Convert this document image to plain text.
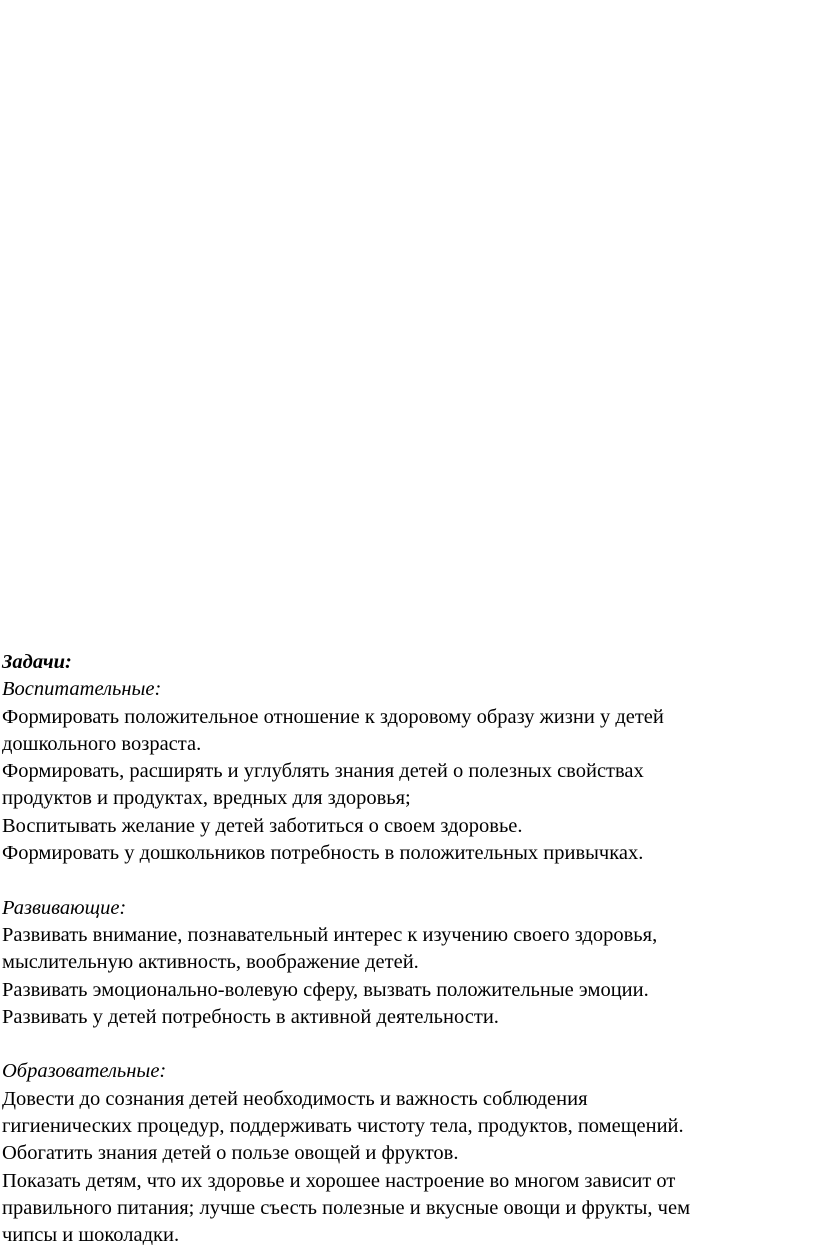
Задачи:
Воспитательные:
Формировать положительное отношение к здоровому образу жизни у детей
дошкольного возраста.
Формировать, расширять и углублять знания детей о полезных свойствах
продуктов и продуктах, вредных для здоровья;
Воспитывать желание у детей заботиться о своем здоровье.
Формировать у дошкольников потребность в положительных привычках.
Развивающие:
Развивать внимание, познавательный интерес к изучению своего здоровья,
мыслительную активность, воображение детей.
Развивать эмоционально-волевую сферу, вызвать положительные эмоции.
Развивать у детей потребность в активной деятельности.
Образовательные:
Довести до сознания детей необходимость и важность соблюдения
гигиенических процедур, поддерживать чистоту тела, продуктов, помещений.
Обогатить знания детей о пользе овощей и фруктов.
Показать детям, что их здоровье и хорошее настроение во многом зависит от
правильного питания; лучше съесть полезные и вкусные овощи и фрукты, чем
чипсы и шоколадки.
